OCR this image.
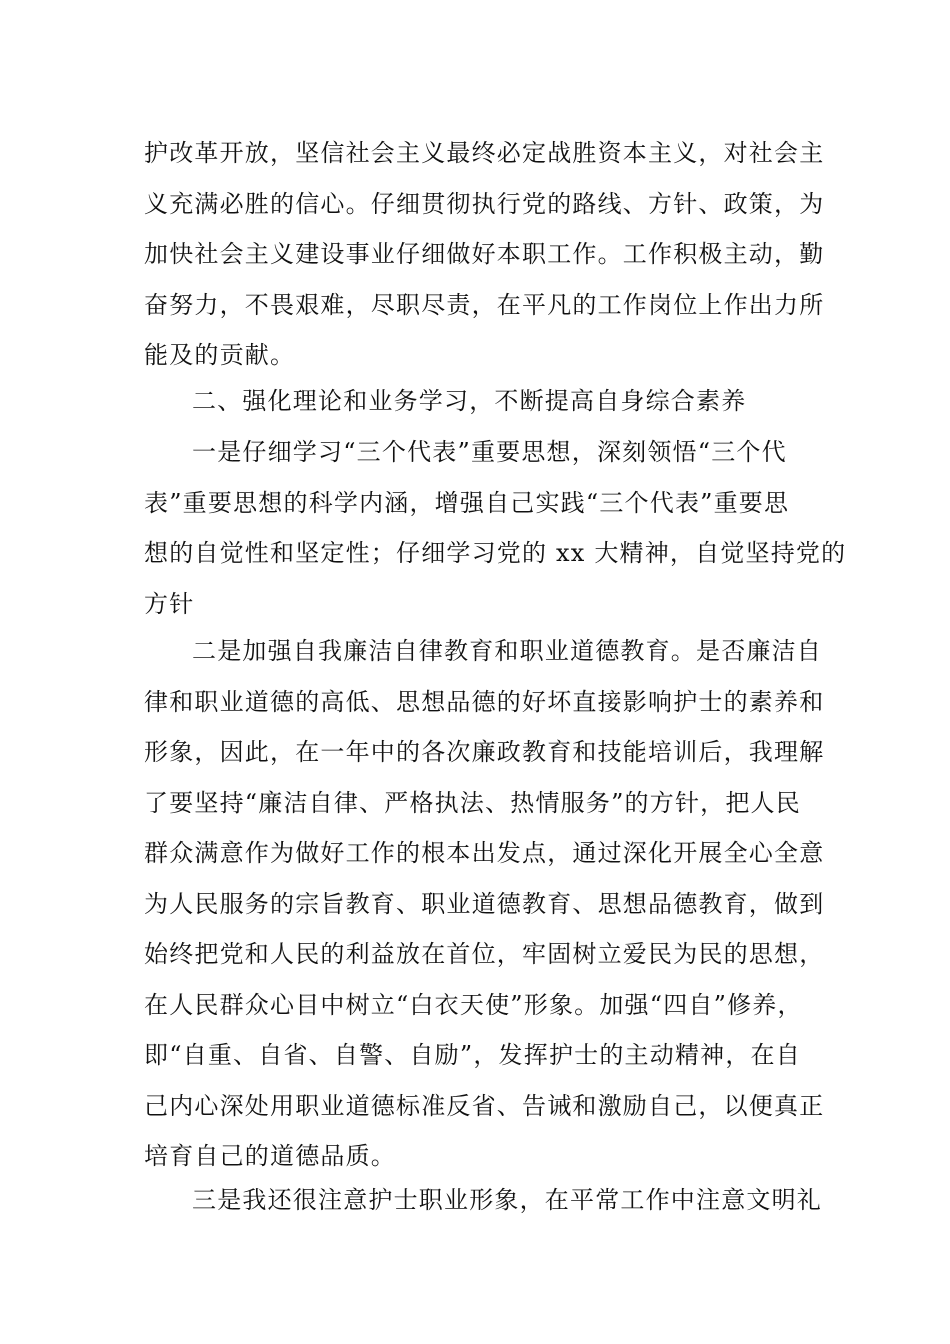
护改革开放，坚信社会主义最终必定战胜资本主义，对社会主
义充满必胜的信心。仔细贯彻执行党的路线、方针、政策，为
加快社会主义建设事业仔细做好本职工作。工作积极主动，勤
奋努力，不畏艰难，尽职尽责，在平凡的工作岗位上作出力所
能及的贡献。
二、强化理论和业务学习，不断提高自身综合素养
一是仔细学习“三个代表”重要思想，深刻领悟“三个代
表”重要思想的科学内涵，增强自己实践“三个代表”重要思
想的自觉性和坚定性；仔细学习党的 xx 大精神，自觉坚持党的
方针
二是加强自我廉洁自律教育和职业道德教育。是否廉洁自
律和职业道德的高低、思想品德的好坏直接影响护士的素养和
形象，因此，在一年中的各次廉政教育和技能培训后，我理解
了要坚持“廉洁自律、严格执法、热情服务”的方针，把人民
群众满意作为做好工作的根本出发点，通过深化开展全心全意
为人民服务的宗旨教育、职业道德教育、思想品德教育，做到
始终把党和人民的利益放在首位，牢固树立爱民为民的思想，
在人民群众心目中树立“白衣天使”形象。加强“四自”修养，
即“自重、自省、自警、自励”，发挥护士的主动精神，在自
己内心深处用职业道德标准反省、告诫和激励自己，以便真正
培育自己的道德品质。
三是我还很注意护士职业形象，在平常工作中注意文明礼
